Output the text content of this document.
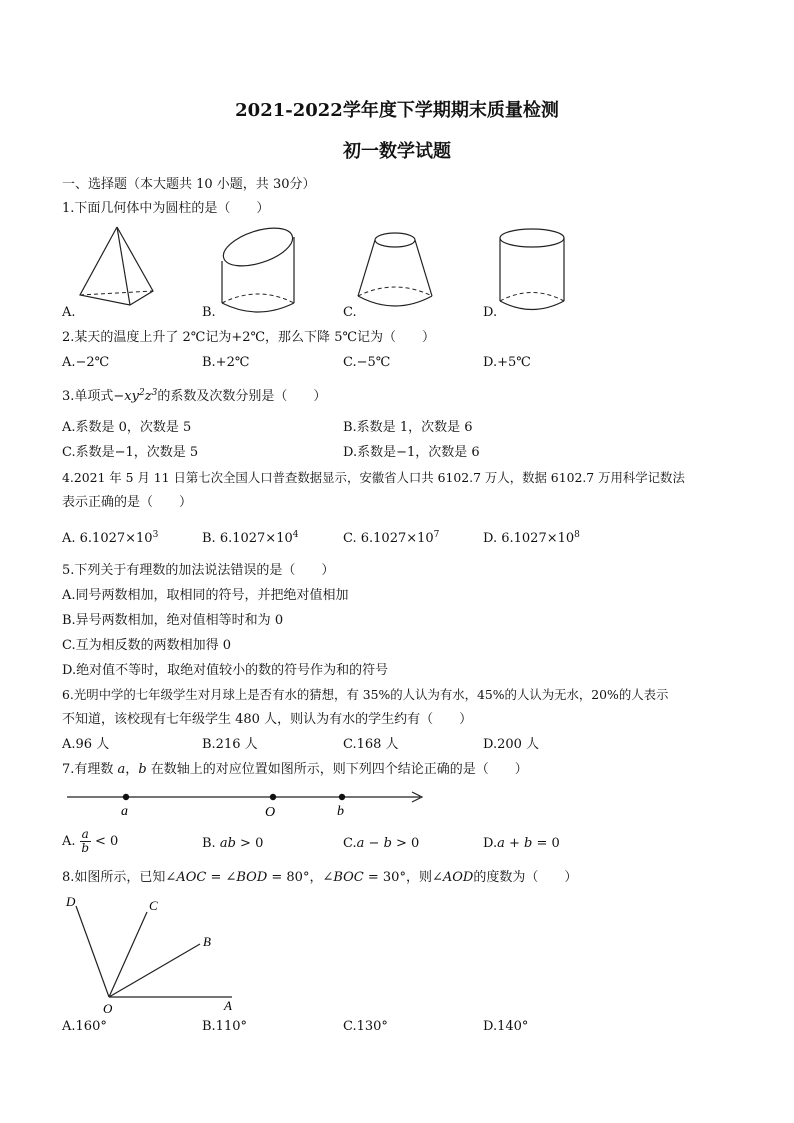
2021-2022学年度下学期期末质量检测
初一数学试题
一、选择题（本大题共 10 小题，共 30分）
1.下面几何体中为圆柱的是（　　）
A.	B.	C.	D.
2.某天的温度上升了 2℃记为+2℃，那么下降 5℃记为（　　）
A.−2℃	B.+2℃	C.−5℃	D.+5℃
3.单项式$-xy^2z^3$的系数及次数分别是（　　）
A.系数是 0，次数是 5	B.系数是 1，次数是 6
C.系数是−1，次数是 5	D.系数是−1，次数是 6
4.2021 年 5 月 11 日第七次全国人口普查数据显示，安徽省人口共 6102.7 万人，数据 6102.7 万用科学记数法
表示正确的是（　　）
A. $6.1027\times 10^3$	B. $6.1027\times 10^4$	C. $6.1027\times 10^7$	D. $6.1027\times 10^8$
5.下列关于有理数的加法说法错误的是（　　）
A.同号两数相加，取相同的符号，并把绝对值相加
B.异号两数相加，绝对值相等时和为 0
C.互为相反数的两数相加得 0
D.绝对值不等时，取绝对值较小的数的符号作为和的符号
6.光明中学的七年级学生对月球上是否有水的猜想，有 35%的人认为有水，45%的人认为无水，20%的人表示
不知道，该校现有七年级学生 480 人，则认为有水的学生约有（　　）
A.96 人	B.216 人	C.168 人	D.200 人
7.有理数 a，b 在数轴上的对应位置如图所示，则下列四个结论正确的是（　　）
a	O	b
A. $\frac{a}{b} < 0$	B. ab > 0	C.a − b > 0	D.a + b = 0
8.如图所示，已知∠AOC = ∠BOD = 80°，∠BOC = 30°，则∠AOD的度数为（　　）
D	C
B
O	A
A.160°	B.110°	C.130°	D.140°
